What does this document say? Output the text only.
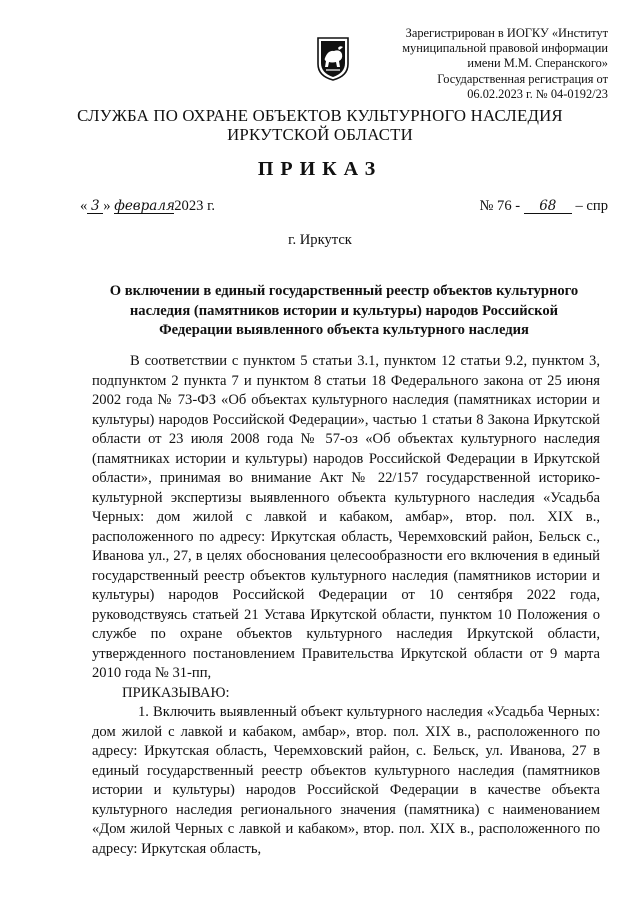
Зарегистрирован в ИОГКУ «Институт
муниципальной правовой информации
имени М.М. Сперанского»
Государственная регистрация от
06.02.2023 г. № 04-0192/23
СЛУЖБА ПО ОХРАНЕ ОБЪЕКТОВ КУЛЬТУРНОГО НАСЛЕДИЯ
ИРКУТСКОЙ ОБЛАСТИ
ПРИКАЗ
« 3 » февраля2023 г.	№ 76 - 68 – спр
г. Иркутск
О включении в единый государственный реестр объектов культурного
наследия (памятников истории и культуры) народов Российской
Федерации выявленного объекта культурного наследия

В соответствии с пунктом 5 статьи 3.1, пунктом 12 статьи 9.2, пунктом 3, подпунктом 2 пункта 7 и пунктом 8 статьи 18 Федерального закона от 25 июня 2002 года № 73-ФЗ «Об объектах культурного наследия (памятниках истории и культуры) народов Российской Федерации», частью 1 статьи 8 Закона Иркутской области от 23 июля 2008 года № 57-оз «Об объектах культурного наследия (памятниках истории и культуры) народов Российской Федерации в Иркутской области», принимая во внимание Акт № 22/157 государственной историко-культурной экспертизы выявленного объекта культурного наследия «Усадьба Черных: дом жилой с лавкой и кабаком, амбар», втор. пол. XIX в., расположенного по адресу: Иркутская область, Черемховский район, Бельск с., Иванова ул., 27, в целях обоснования целесообразности его включения в единый государственный реестр объектов культурного наследия (памятников истории и культуры) народов Российской Федерации от 10 сентября 2022 года, руководствуясь статьей 21 Устава Иркутской области, пунктом 10 Положения о службе по охране объектов культурного наследия Иркутской области, утвержденного постановлением Правительства Иркутской области от 9 марта 2010 года № 31-пп,

ПРИКАЗЫВАЮ:

1. Включить выявленный объект культурного наследия «Усадьба Черных: дом жилой с лавкой и кабаком, амбар», втор. пол. XIX в., расположенного по адресу: Иркутская область, Черемховский район, с. Бельск, ул. Иванова, 27 в единый государственный реестр объектов культурного наследия (памятников истории и культуры) народов Российской Федерации в качестве объекта культурного наследия регионального значения (памятника) с наименованием «Дом жилой Черных с лавкой и кабаком», втор. пол. XIX в., расположенного по адресу: Иркутская область,
